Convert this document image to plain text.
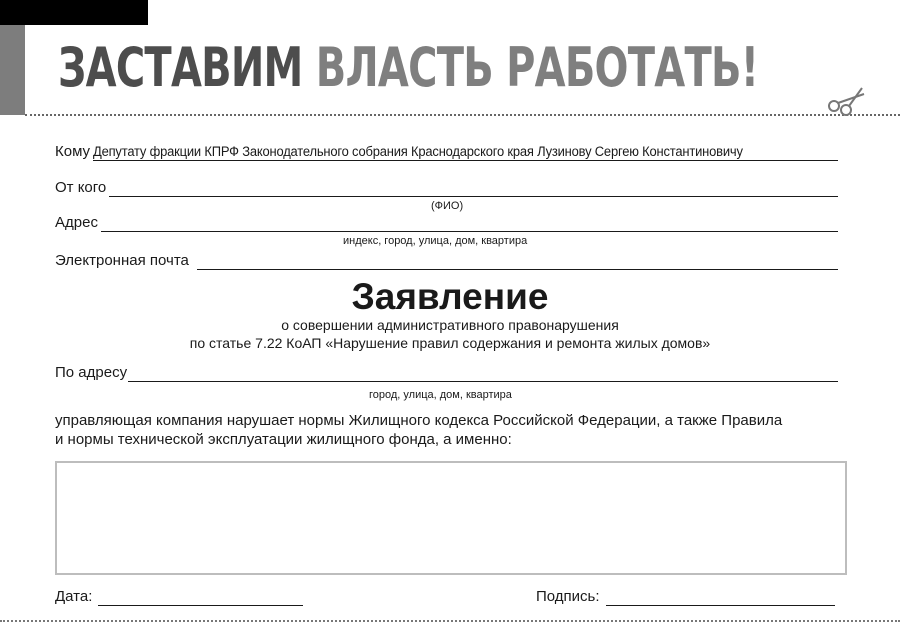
ЗАСТАВИМ ВЛАСТЬ РАБОТАТЬ!
Кому Депутату фракции КПРФ Законодательного собрания Краснодарского края Лузинову Сергею Константиновичу
От кого
(ФИО)
Адрес
индекс, город, улица, дом, квартира
Электронная почта
Заявление
о совершении административного правонарушения
по статье 7.22 КоАП «Нарушение правил содержания и ремонта жилых домов»
По адресу
город, улица, дом, квартира
управляющая компания нарушает нормы Жилищного кодекса Российской Федерации, а также Правила
и нормы технической эксплуатации жилищного фонда, а именно:
Дата:	Подпись:
